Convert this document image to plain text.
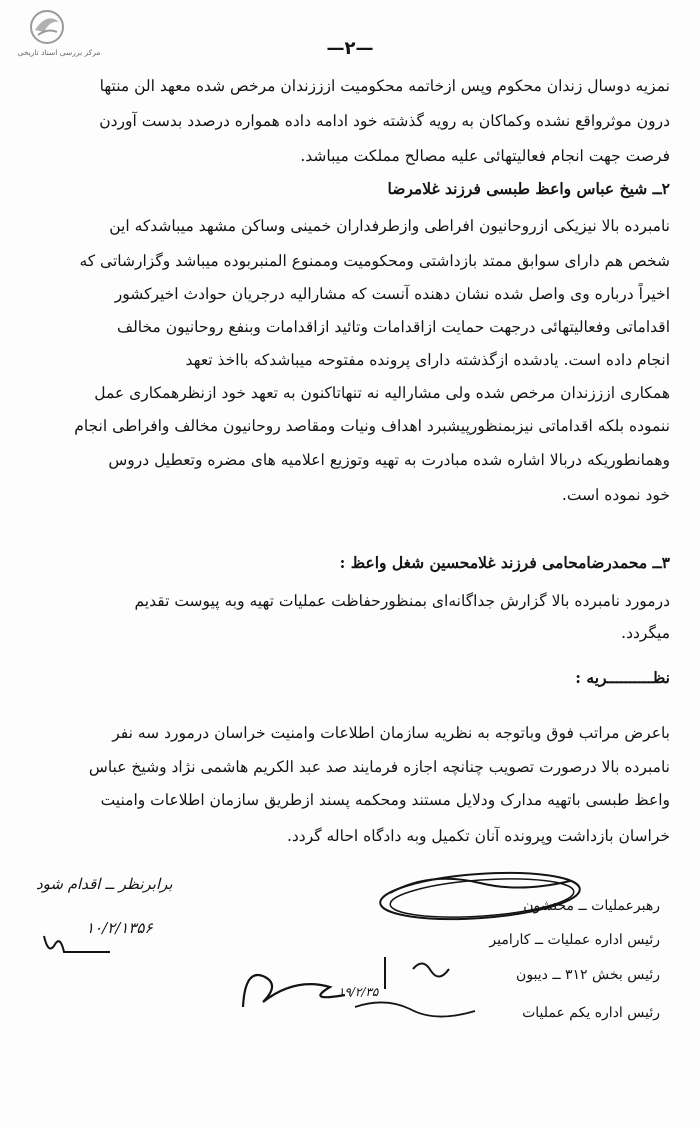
مرکز بررسی اسناد تاریخی	—۲—
نمزیه دوسال زندان محکوم وپس ازخاتمه محکومیت ازززندان مرخص شده معهد الن منتها
درون موثرواقع نشده وکماکان به رویه گذشته خود ادامه داده همواره درصدد بدست آوردن
فرصت جهت انجام فعالیتهائی علیه مصالح مملکت میباشد.
۲ــ شیخ عباس واعظ طبسی فرزند غلامرضا
نامبرده بالا نیزیکی ازروحانیون افراطی وازطرفداران خمینی وساکن مشهد میباشدکه این
شخص هم دارای سوابق ممتد بازداشتی ومحکومیت وممنوع المنبربوده میباشد وگزارشاتی که
اخیراً درباره وی واصل شده نشان دهنده آنست که مشارالیه درجریان حوادث اخیرکشور
اقداماتی وفعالیتهائی درجهت حمایت ازاقدامات وتائید ازاقدامات وبنفع روحانیون مخالف
انجام داده است. یادشده ازگذشته دارای پرونده مفتوحه میباشدکه بااخذ تعهد
همکاری ازززندان مرخص شده ولی مشارالیه نه تنهاتاکنون به تعهد خود ازنظرهمکاری عمل
ننموده بلکه اقداماتی نیزبمنظورپیشبرد اهداف ونیات ومقاصد روحانیون مخالف وافراطی انجام
وهمانطوریکه دربالا اشاره شده مبادرت به تهیه وتوزیع اعلامیه های مضره وتعطیل دروس
خود نموده است.
۳ــ محمدرضامحامی فرزند غلامحسین شغل واعظ :
درمورد نامبرده بالا گزارش جداگانه‌ای بمنظورحفاظت عملیات تهیه وبه پیوست تقدیم
میگردد.
نظــــــــــریه :
باعرض مراتب فوق وباتوجه به نظریه سازمان اطلاعات وامنیت خراسان درمورد سه نفر
نامبرده بالا درصورت تصویب چنانچه اجازه فرمایند صد عبد الکریم هاشمی نژاد وشیخ عباس
واعظ طبسی باتهیه مدارک ودلایل مستند ومحکمه پسند ازطریق سازمان اطلاعات وامنیت
خراسان بازداشت وپرونده آنان تکمیل وبه دادگاه احاله گردد.
رهبرعملیات ــ محتشون
رئیس اداره عملیات ــ کارامیر
رئیس بخش ۳۱۲ ــ دیبون
رئیس اداره یکم عملیات
برابرنظر ــ اقدام شود
۱۰/۲/۱۳۵۶
۱۹/۲/۳۵
